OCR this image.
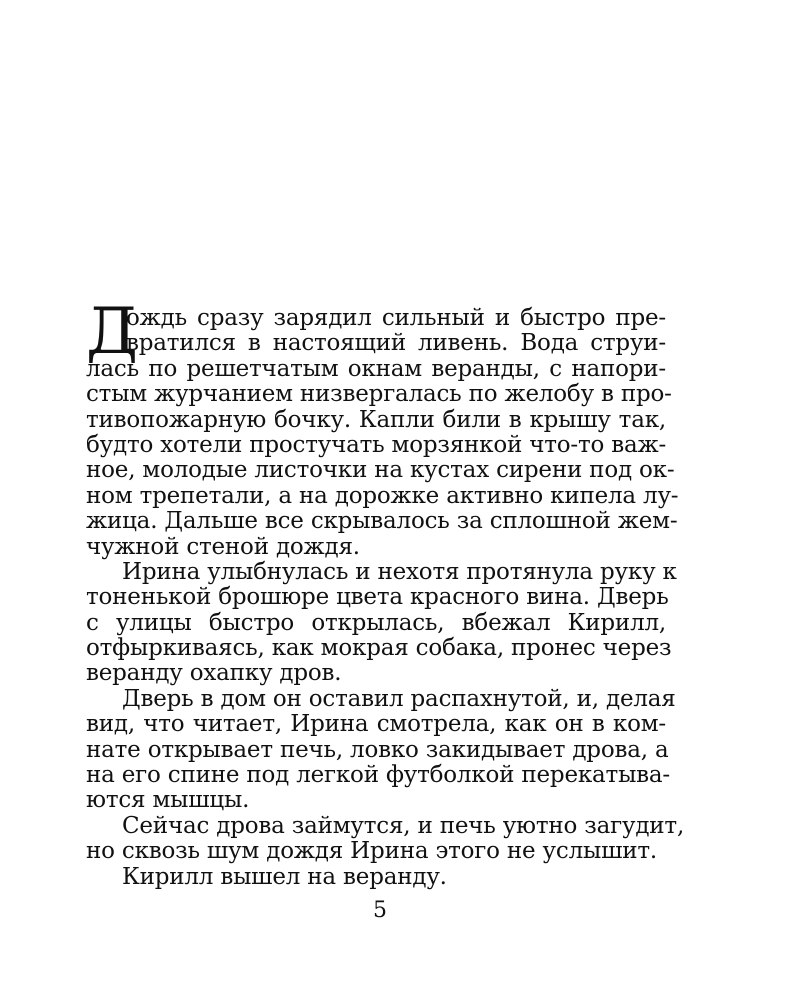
Д
ождь сразу зарядил сильный и быстро пре-
вратился в настоящий ливень. Вода струи-
лась по решетчатым окнам веранды, с напори-
стым журчанием низвергалась по желобу в про-
тивопожарную бочку. Капли били в крышу так,
будто хотели простучать морзянкой что-то важ-
ное, молодые листочки на кустах сирени под ок-
ном трепетали, а на дорожке активно кипела лу-
жица. Дальше все скрывалось за сплошной жем-
чужной стеной дождя.
Ирина улыбнулась и нехотя протянула руку к
тоненькой брошюре цвета красного вина. Дверь
с улицы быстро открылась, вбежал Кирилл,
отфыркиваясь, как мокрая собака, пронес через
веранду охапку дров.
Дверь в дом он оставил распахнутой, и, делая
вид, что читает, Ирина смотрела, как он в ком-
нате открывает печь, ловко закидывает дрова, а
на его спине под легкой футболкой перекатыва-
ются мышцы.
Сейчас дрова займутся, и печь уютно загудит,
но сквозь шум дождя Ирина этого не услышит.
Кирилл вышел на веранду.
5
